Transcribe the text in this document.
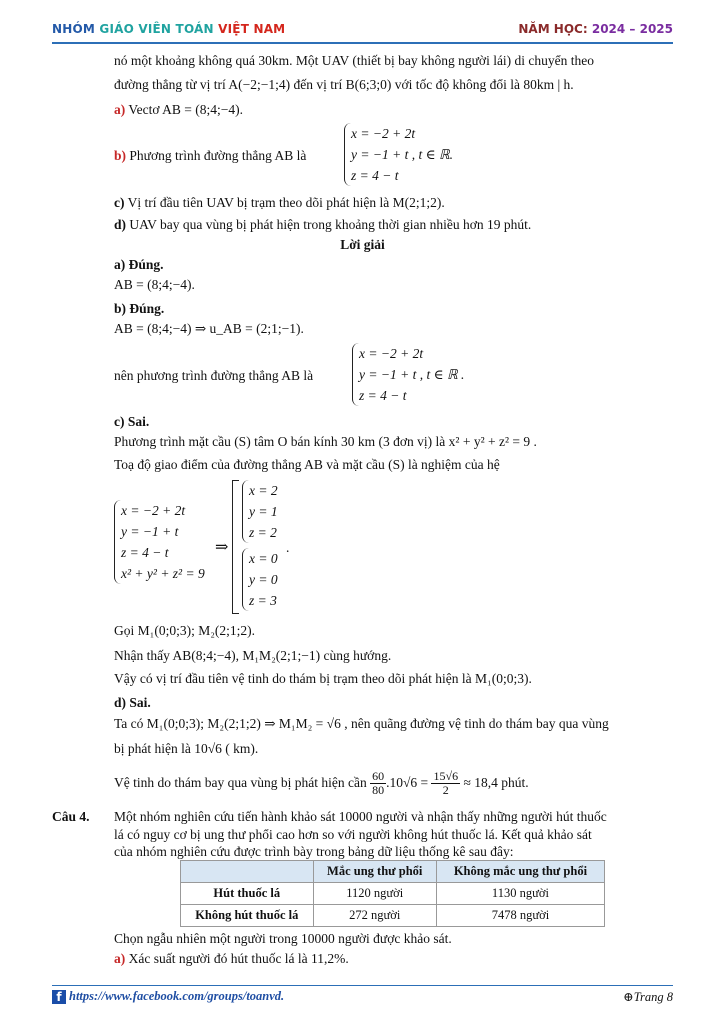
NHÓM GIÁO VIÊN TOÁN VIỆT NAM	NĂM HỌC: 2024 – 2025
nó một khoảng không quá 30km. Một UAV (thiết bị bay không người lái) di chuyển theo
đường thẳng từ vị trí A(−2;−1;4) đến vị trí B(6;3;0) với tốc độ không đổi là 80km | h.
a) Vectơ AB = (8;4;−4).
b) Phương trình đường thẳng AB là
x = −2 + 2t
y = −1 + t , t ∈ ℝ.
z = 4 − t
c) Vị trí đầu tiên UAV bị trạm theo dõi phát hiện là M(2;1;2).
d) UAV bay qua vùng bị phát hiện trong khoảng thời gian nhiều hơn 19 phút.
Lời giải
a) Đúng.
AB = (8;4;−4).
b) Đúng.
AB = (8;4;−4) ⇒ u_AB = (2;1;−1).
nên phương trình đường thẳng AB là
x = −2 + 2t
y = −1 + t , t ∈ ℝ .
z = 4 − t
c) Sai.
Phương trình mặt cầu (S) tâm O bán kính 30 km (3 đơn vị) là x² + y² + z² = 9 .
Toạ độ giao điểm của đường thẳng AB và mặt cầu (S) là nghiệm của hệ
x = −2 + 2t
y = −1 + t
z = 4 − t
x² + y² + z² = 9
⇒
x = 2
y = 1
z = 2
x = 0
y = 0
z = 3
.
Gọi M₁(0;0;3); M₂(2;1;2).
Nhận thấy AB(8;4;−4), M₁M₂(2;1;−1) cùng hướng.
Vậy có vị trí đầu tiên vệ tinh do thám bị trạm theo dõi phát hiện là M₁(0;0;3).
d) Sai.
Ta có M₁(0;0;3); M₂(2;1;2) ⇒ M₁M₂ = √6 , nên quãng đường vệ tinh do thám bay qua vùng
bị phát hiện là 10√6 ( km).
Vệ tinh do thám bay qua vùng bị phát hiện cần $\frac{60}{80} .10√6 = \frac{15√6}{2} \approx 18,4$ phút.
Câu 4. Một nhóm nghiên cứu tiến hành khảo sát 10000 người và nhận thấy những người hút thuốc
lá có nguy cơ bị ung thư phổi cao hơn so với người không hút thuốc lá. Kết quả khảo sát
của nhóm nghiên cứu được trình bày trong bảng dữ liệu thống kê sau đây:
Chọn ngẫu nhiên một người trong 10000 người được khảo sát.
a) Xác suất người đó hút thuốc lá là 11,2%.
	Mắc ung thư phổi	Không mắc ung thư phổi
Hút thuốc lá	1120 người	1130 người
Không hút thuốc lá	272 người	7478 người
f https://www.facebook.com/groups/toanvd.	⊕Trang 8
